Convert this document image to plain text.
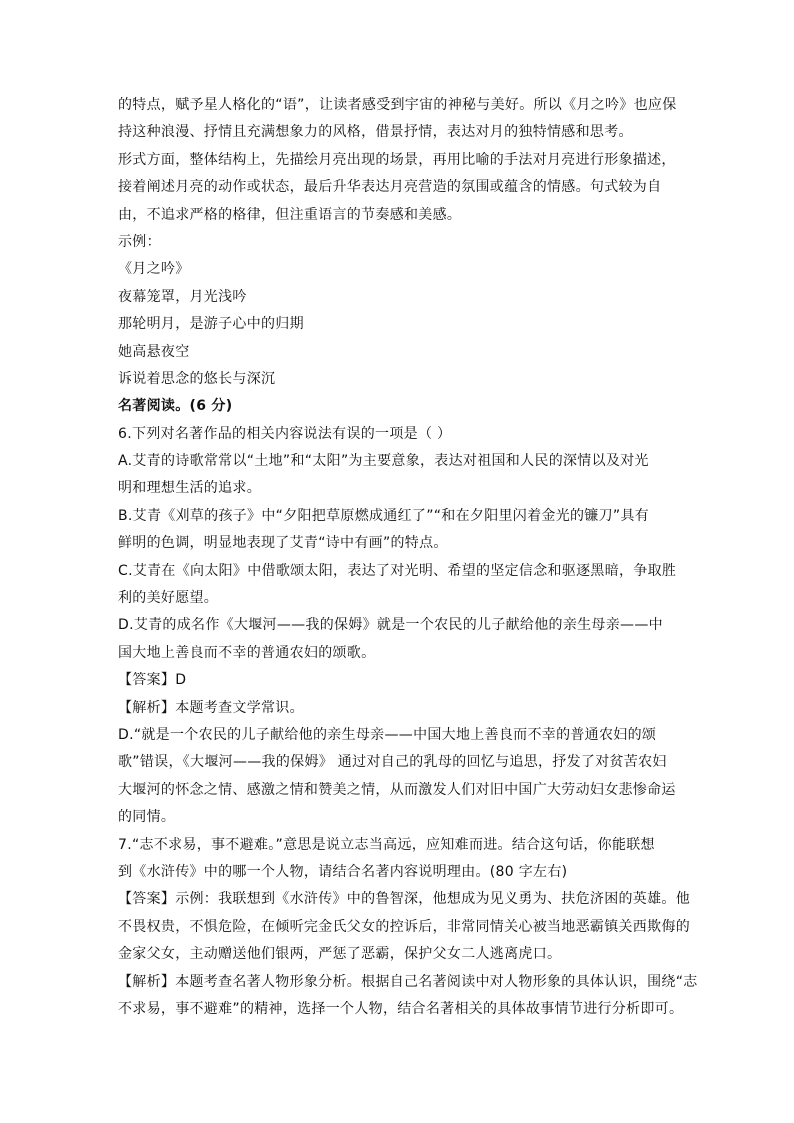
的特点，赋予星人格化的“语”，让读者感受到宇宙的神秘与美好。所以《月之吟》也应保
持这种浪漫、抒情且充满想象力的风格，借景抒情，表达对月的独特情感和思考。
形式方面，整体结构上，先描绘月亮出现的场景，再用比喻的手法对月亮进行形象描述，
接着阐述月亮的动作或状态，最后升华表达月亮营造的氛围或蕴含的情感。句式较为自
由，不追求严格的格律，但注重语言的节奏感和美感。
示例：
《月之吟》
夜幕笼罩，月光浅吟
那轮明月，是游子心中的归期
她高悬夜空
诉说着思念的悠长与深沉
名著阅读。(6 分)
6.下列对名著作品的相关内容说法有误的一项是（ ）
A.艾青的诗歌常常以“土地”和“太阳”为主要意象，表达对祖国和人民的深情以及对光
明和理想生活的追求。
B.艾青《刈草的孩子》中“夕阳把草原燃成通红了”“和在夕阳里闪着金光的镰刀”具有
鲜明的色调，明显地表现了艾青“诗中有画”的特点。
C.艾青在《向太阳》中借歌颂太阳，表达了对光明、希望的坚定信念和驱逐黑暗，争取胜
利的美好愿望。
D.艾青的成名作《大堰河——我的保姆》就是一个农民的儿子献给他的亲生母亲——中
国大地上善良而不幸的普通农妇的颂歌。
【答案】D
【解析】本题考查文学常识。
D.“就是一个农民的儿子献给他的亲生母亲——中国大地上善良而不幸的普通农妇的颂
歌”错误，《大堰河——我的保姆》 通过对自己的乳母的回忆与追思，抒发了对贫苦农妇
大堰河的怀念之情、感激之情和赞美之情，从而激发人们对旧中国广大劳动妇女悲惨命运
的同情。
7.“志不求易，事不避难。”意思是说立志当高远，应知难而进。结合这句话，你能联想
到《水浒传》中的哪一个人物，请结合名著内容说明理由。(80 字左右)
【答案】示例：我联想到《水浒传》中的鲁智深，他想成为见义勇为、扶危济困的英雄。他
不畏权贵，不惧危险，在倾听完金氏父女的控诉后，非常同情关心被当地恶霸镇关西欺侮的
金家父女，主动赠送他们银两，严惩了恶霸，保护父女二人逃离虎口。
【解析】本题考查名著人物形象分析。根据自己名著阅读中对人物形象的具体认识，围绕“志
不求易，事不避难”的精神，选择一个人物，结合名著相关的具体故事情节进行分析即可。
